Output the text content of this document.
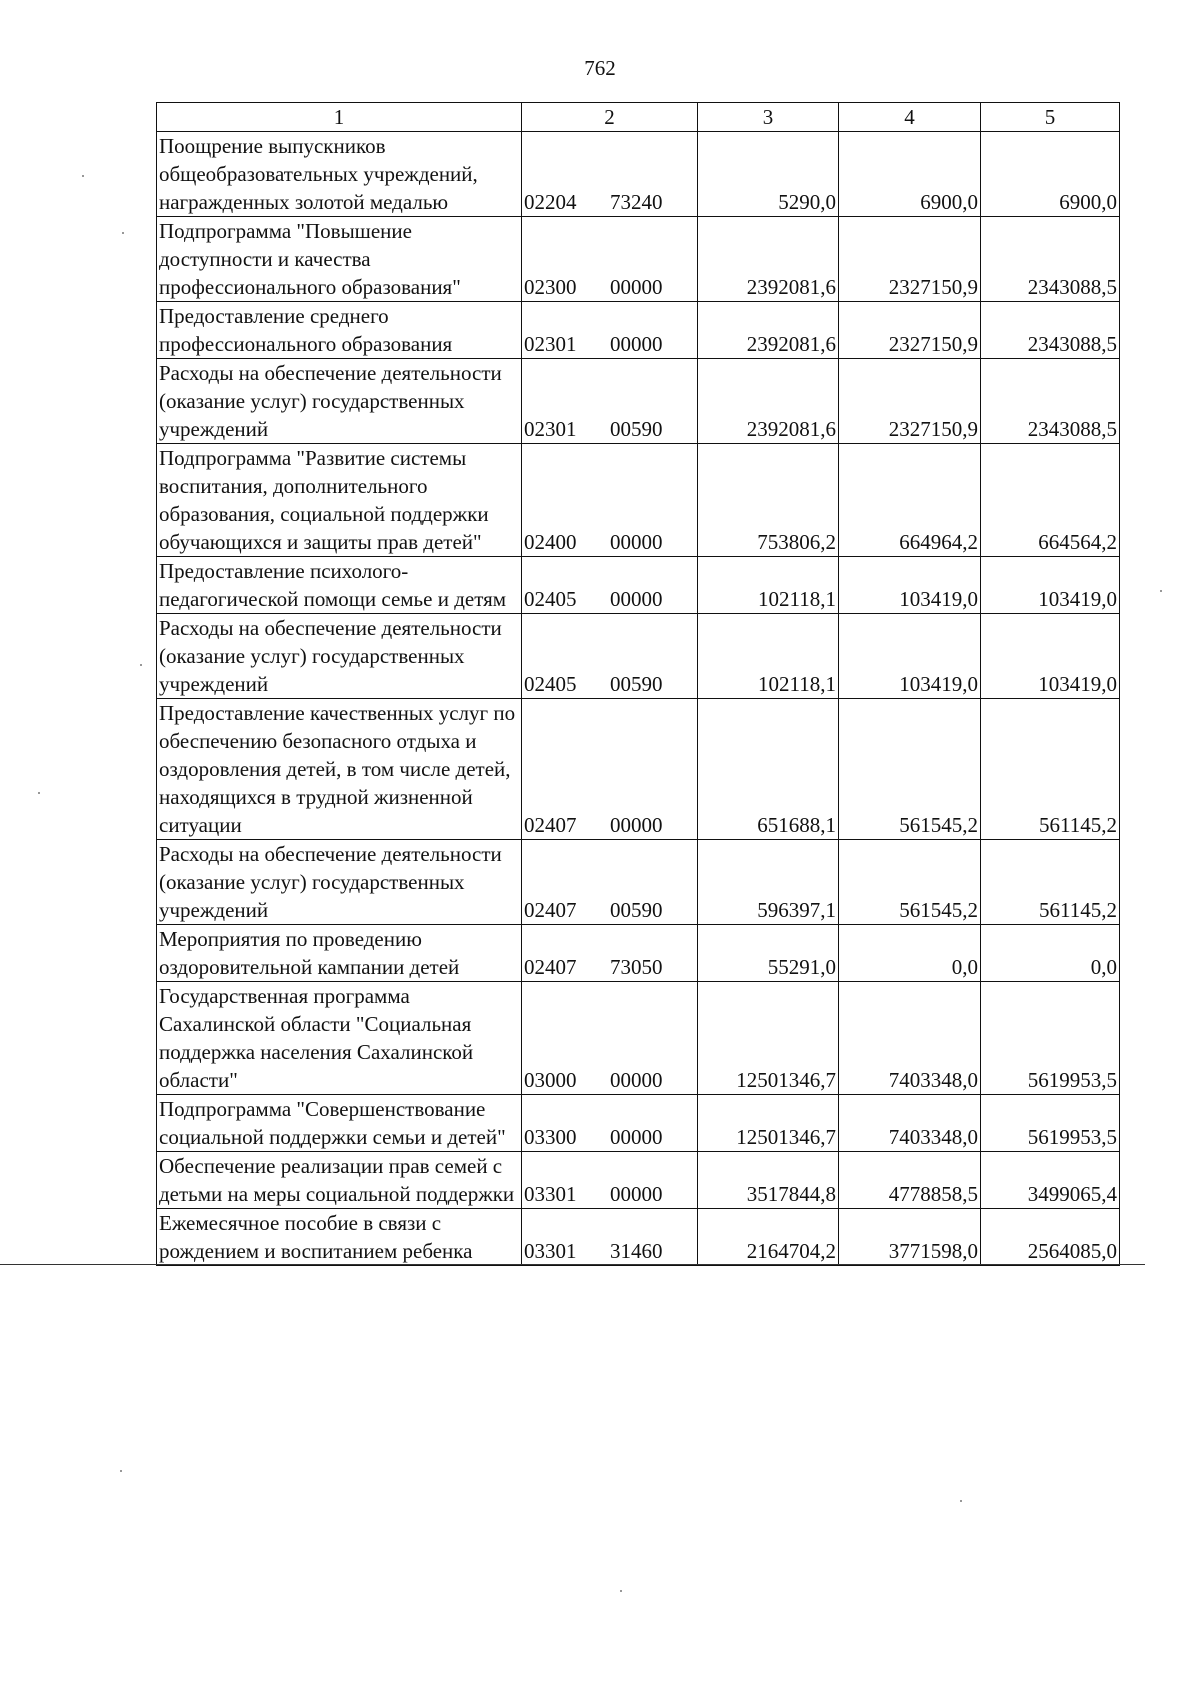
762
1	2	3	4	5
Поощрение выпускников общеобразовательных учреждений, награжденных золотой медалью	02204 73240	5290,0	6900,0	6900,0
Подпрограмма "Повышение доступности и качества профессионального образования"	02300 00000	2392081,6	2327150,9	2343088,5
Предоставление среднего профессионального образования	02301 00000	2392081,6	2327150,9	2343088,5
Расходы на обеспечение деятельности (оказание услуг) государственных учреждений	02301 00590	2392081,6	2327150,9	2343088,5
Подпрограмма "Развитие системы воспитания, дополнительного образования, социальной поддержки обучающихся и защиты прав детей"	02400 00000	753806,2	664964,2	664564,2
Предоставление психолого-педагогической помощи семье и детям	02405 00000	102118,1	103419,0	103419,0
Расходы на обеспечение деятельности (оказание услуг) государственных учреждений	02405 00590	102118,1	103419,0	103419,0
Предоставление качественных услуг по обеспечению безопасного отдыха и оздоровления детей, в том числе детей, находящихся в трудной жизненной ситуации	02407 00000	651688,1	561545,2	561145,2
Расходы на обеспечение деятельности (оказание услуг) государственных учреждений	02407 00590	596397,1	561545,2	561145,2
Мероприятия по проведению оздоровительной кампании детей	02407 73050	55291,0	0,0	0,0
Государственная программа Сахалинской области "Социальная поддержка населения Сахалинской области"	03000 00000	12501346,7	7403348,0	5619953,5
Подпрограмма "Совершенствование социальной поддержки семьи и детей"	03300 00000	12501346,7	7403348,0	5619953,5
Обеспечение реализации прав семей с детьми на меры социальной поддержки	03301 00000	3517844,8	4778858,5	3499065,4
Ежемесячное пособие в связи с рождением и воспитанием ребенка	03301 31460	2164704,2	3771598,0	2564085,0
